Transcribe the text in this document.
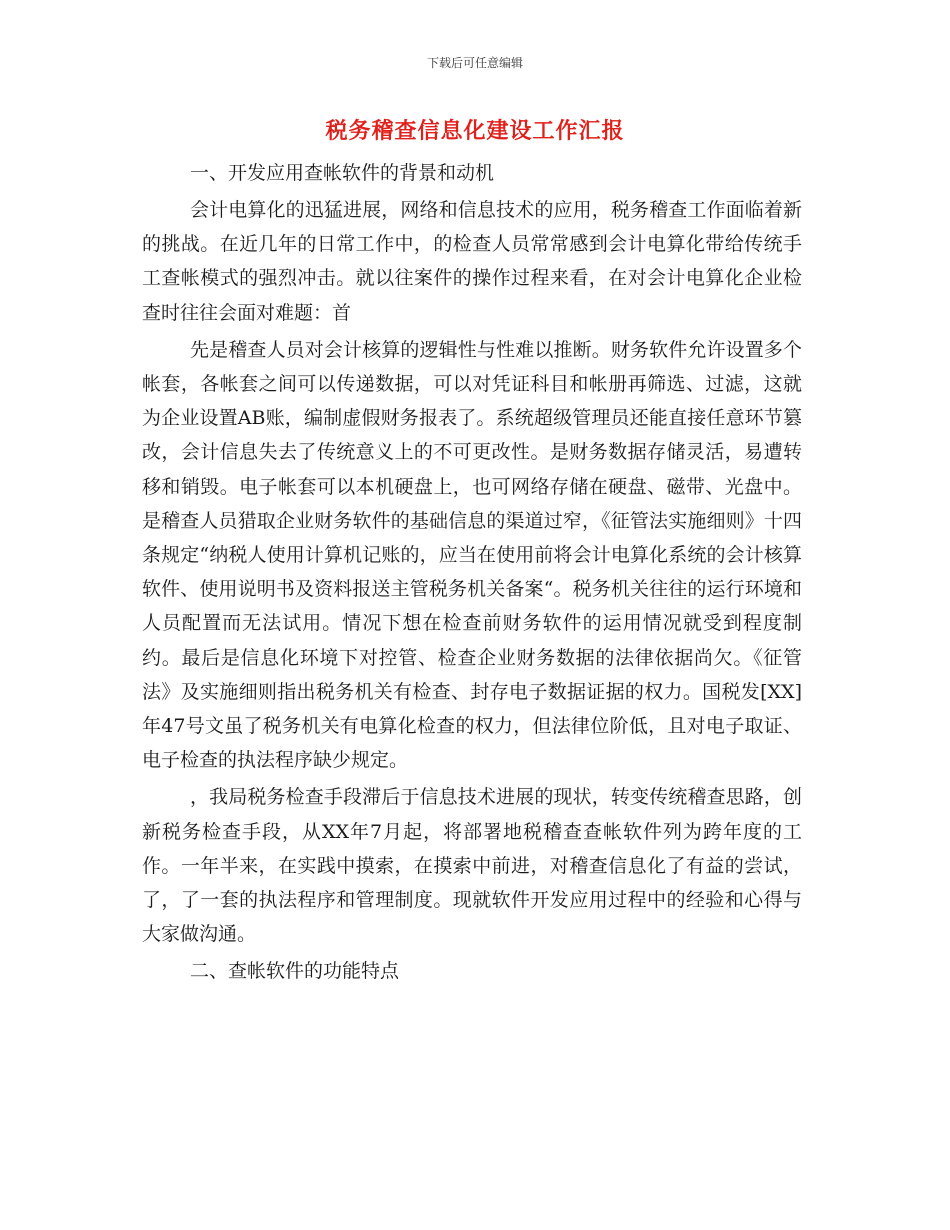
下载后可任意编辑
税务稽查信息化建设工作汇报

一、开发应用查帐软件的背景和动机

会计电算化的迅猛进展，网络和信息技术的应用，税务稽查工作面临着新的挑战。在近几年的日常工作中，的检查人员常常感到会计电算化带给传统手工查帐模式的强烈冲击。就以往案件的操作过程来看，在对会计电算化企业检查时往往会面对难题：首

先是稽查人员对会计核算的逻辑性与性难以推断。财务软件允许设置多个帐套，各帐套之间可以传递数据，可以对凭证科目和帐册再筛选、过滤，这就为企业设置AB账，编制虚假财务报表了。系统超级管理员还能直接任意环节篡改，会计信息失去了传统意义上的不可更改性。是财务数据存储灵活，易遭转移和销毁。电子帐套可以本机硬盘上，也可网络存储在硬盘、磁带、光盘中。是稽查人员猎取企业财务软件的基础信息的渠道过窄，《征管法实施细则》十四条规定“纳税人使用计算机记账的，应当在使用前将会计电算化系统的会计核算软件、使用说明书及资料报送主管税务机关备案“。税务机关往往的运行环境和人员配置而无法试用。情况下想在检查前财务软件的运用情况就受到程度制约。最后是信息化环境下对控管、检查企业财务数据的法律依据尚欠。《征管法》及实施细则指出税务机关有检查、封存电子数据证据的权力。国税发[XX]年47号文虽了税务机关有电算化检查的权力，但法律位阶低，且对电子取证、电子检查的执法程序缺少规定。

，我局税务检查手段滞后于信息技术进展的现状，转变传统稽查思路，创新税务检查手段，从XX年7月起，将部署地税稽查查帐软件列为跨年度的工作。一年半来，在实践中摸索，在摸索中前进，对稽查信息化了有益的尝试，了，了一套的执法程序和管理制度。现就软件开发应用过程中的经验和心得与大家做沟通。

二、查帐软件的功能特点
